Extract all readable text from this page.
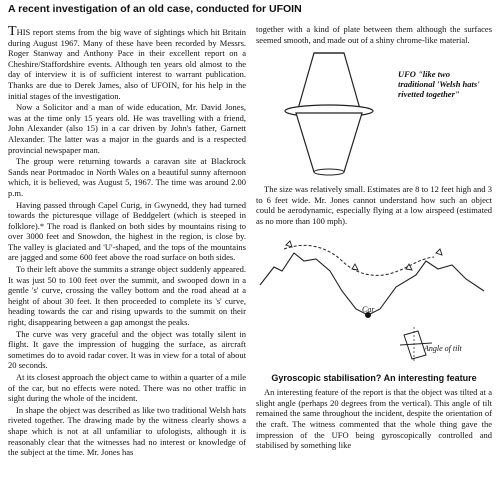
A recent investigation of an old case, conducted for UFOIN

THIS report stems from the big wave of sightings which hit Britain during August 1967. Many of these have been recorded by Messrs. Roger Stanway and Anthony Pace in their excellent report on a Cheshire/Staffordshire events. Although ten years old almost to the day of interview it is of sufficient interest to warrant publication. Thanks are due to Derek James, also of UFOIN, for his help in the initial stages of the investigation.

Now a Solicitor and a man of wide education, Mr. David Jones, was at the time only 15 years old. He was travelling with a friend, John Alexander (also 15) in a car driven by John's father, Garnett Alexander. The latter was a major in the guards and is a respected provincial newspaper man.

The group were returning towards a caravan site at Blackrock Sands near Portmadoc in North Wales on a beautiful sunny afternoon which, it is believed, was August 5, 1967. The time was around 2.00 p.m.

Having passed through Capel Curig, in Gwynedd, they had turned towards the picturesque village of Beddgelert (which is steeped in folklore).* The road is flanked on both sides by mountains rising to over 3000 feet and Snowdon, the highest in the region, is close by. The valley is glaciated and 'U'-shaped, and the tops of the mountains are jagged and some 600 feet above the road surface on both sides.

To their left above the summits a strange object suddenly appeared. It was just 50 to 100 feet over the summit, and swooped down in a gentle 's' curve, crossing the valley bottom and the road ahead at a height of about 30 feet. It then proceeded to complete its 's' curve, heading towards the car and rising upwards to the summit on their right, disappearing between a gap amongst the peaks.

The curve was very graceful and the object was totally silent in flight. It gave the impression of hugging the surface, as aircraft sometimes do to avoid radar cover. It was in view for a total of about 20 seconds.

At its closest approach the object came to within a quarter of a mile of the car, but no effects were noted. There was no other traffic in sight during the whole of the incident.

In shape the object was described as like two traditional Welsh hats riveted together. The drawing made by the witness clearly shows a shape which is not at all unfamiliar to ufologists, although it is reasonably clear that the witnesses had no interest or knowledge of the subject at the time. Mr. Jones has

together with a kind of plate between them although the surfaces seemed smooth, and made out of a shiny chrome-like material.

UFO "like two traditional 'Welsh hats' rivetted together"

The size was relatively small. Estimates are 8 to 12 feet high and 3 to 6 feet wide. Mr. Jones cannot understand how such an object could be aerodynamic, especially flying at a low airspeed (estimated as no more than 100 mph).

Car
Angle of tilt
Gyroscopic stabilisation? An interesting feature

An interesting feature of the report is that the object was tilted at a slight angle (perhaps 20 degrees from the vertical). This angle of tilt remained the same throughout the incident, despite the orientation of the craft. The witness commented that the whole thing gave the impression of the UFO being gyroscopically controlled and stabilised by something like
